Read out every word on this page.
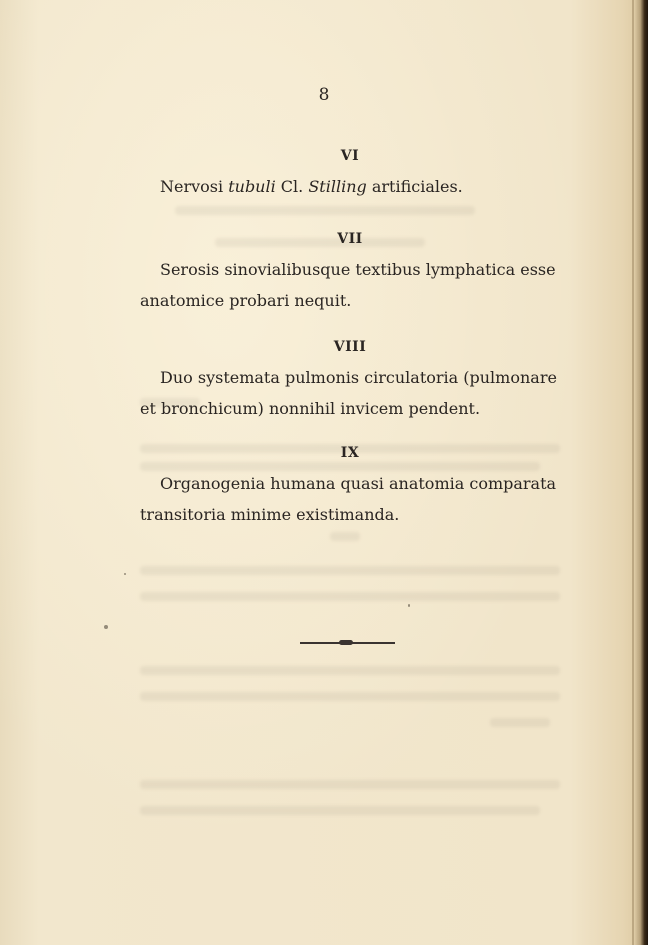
8
VI
Nervosi tubuli Cl. Stilling artificiales.
VII
Serosis sinovialibusque textibus lymphatica esse
anatomice probari nequit.
VIII
Duo systemata pulmonis circulatoria (pulmonare
et bronchicum) nonnihil invicem pendent.
IX
Organogenia humana quasi anatomia comparata
transitoria minime existimanda.
